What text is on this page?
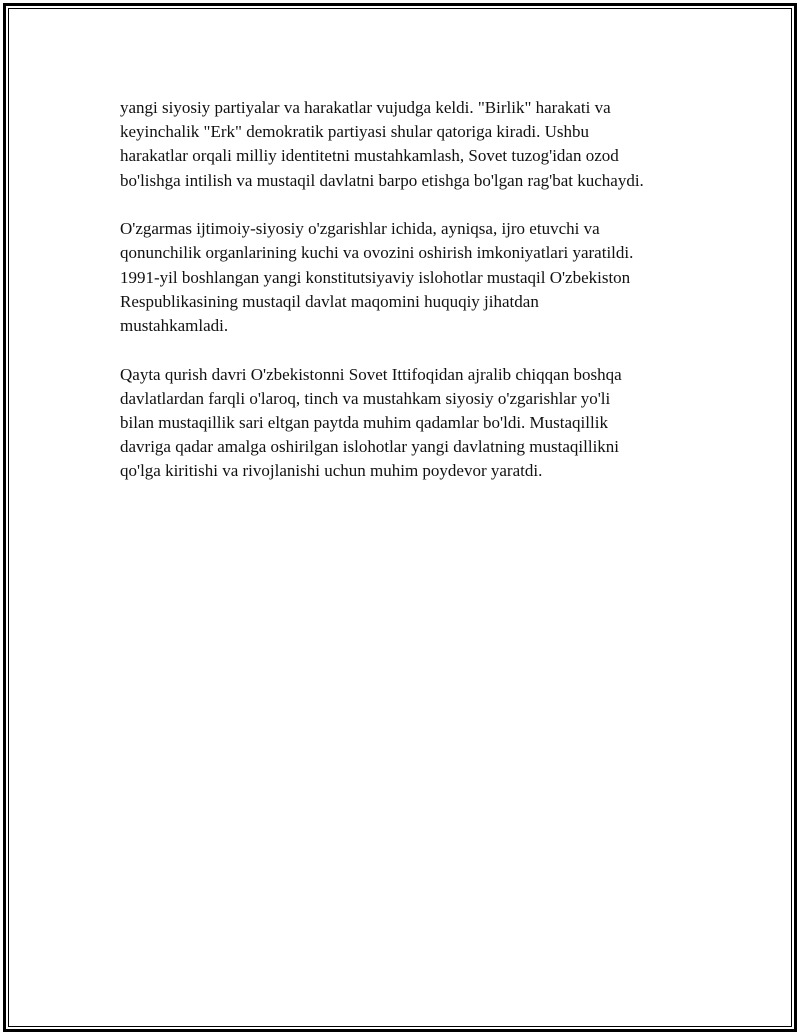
yangi siyosiy partiyalar va harakatlar vujudga keldi. "Birlik" harakati va
keyinchalik "Erk" demokratik partiyasi shular qatoriga kiradi. Ushbu
harakatlar orqali milliy identitetni mustahkamlash, Sovet tuzog'idan ozod
bo'lishga intilish va mustaqil davlatni barpo etishga bo'lgan rag'bat kuchaydi.

O'zgarmas ijtimoiy-siyosiy o'zgarishlar ichida, ayniqsa, ijro etuvchi va
qonunchilik organlarining kuchi va ovozini oshirish imkoniyatlari yaratildi.
1991-yil boshlangan yangi konstitutsiyaviy islohotlar mustaqil O'zbekiston
Respublikasining mustaqil davlat maqomini huquqiy jihatdan
mustahkamladi.

Qayta qurish davri O'zbekistonni Sovet Ittifoqidan ajralib chiqqan boshqa
davlatlardan farqli o'laroq, tinch va mustahkam siyosiy o'zgarishlar yo'li
bilan mustaqillik sari eltgan paytda muhim qadamlar bo'ldi. Mustaqillik
davriga qadar amalga oshirilgan islohotlar yangi davlatning mustaqillikni
qo'lga kiritishi va rivojlanishi uchun muhim poydevor yaratdi.
